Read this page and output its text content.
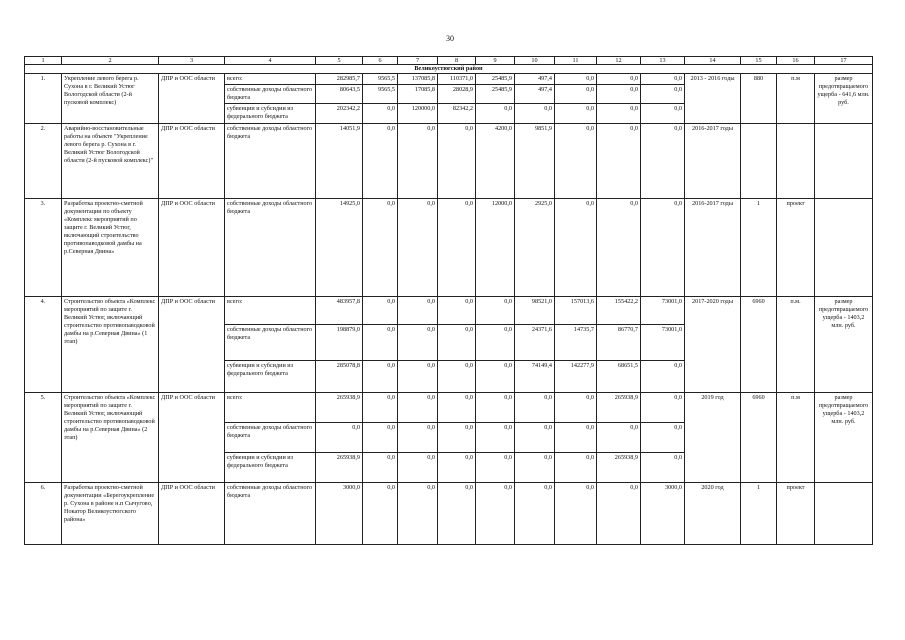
30
1	2	3	4	5	6	7	8	9	10	11	12	13	14	15	16	17
Великоустюгский район																
1.	Укрепление левого берега р. Сухона в г. Великий Устюг Вологодской области (2-й пусковой комплекс)	ДПР и ООС области	всего:	282985,7	9565,5	137085,8	110371,0	25485,9	497,4	0,0	0,0	0,0	2013 - 2016 годы	880	п.м	размер предотвращаемого ущерба - 641,6 млн. руб.
			собственные доходы областного бюджета	80643,5	9565,5	17085,8	28028,9	25485,9	497,4	0,0	0,0	0,0				
			субвенции и субсидии из федерального бюджета	202342,2	0,0	120000,0	82342,2	0,0	0,0	0,0	0,0	0,0				
2.	Аварийно-восстановительные работы на объекте "Укрепление левого берега р. Сухона в г. Великий Устюг Вологодской области (2-й пусковой комплекс)"	ДПР и ООС области	собственные доходы областного бюджета	14051,9	0,0	0,0	0,0	4200,0	9851,9	0,0	0,0	0,0	2016-2017 годы			
3.	Разработка проектно-сметной документации по объекту «Комплекс мероприятий по защите г. Великий Устюг, включающий строительство противопаводковой дамбы на р.Северная Двина»	ДПР и ООС области	собственные доходы областного бюджета	14925,0	0,0	0,0	0,0	12000,0	2925,0	0,0	0,0	0,0	2016-2017 годы	1	проект	
4.	Строительство объекта «Комплекс мероприятий по защите г. Великий Устюг, включающий строительство противопаводковой дамбы на р.Северная Двина» (1 этап)	ДПР и ООС области	всего:	483957,8	0,0	0,0	0,0	0,0	98521,0	157013,6	155422,2	73001,0	2017-2020 годы	6960	п.м.	размер предотвращаемого ущерба - 1403,2 млн. руб.
			собственные доходы областного бюджета	198879,0	0,0	0,0	0,0	0,0	24371,6	14735,7	86770,7	73001,0				
			субвенции и субсидии из федерального бюджета	285078,8	0,0	0,0	0,0	0,0	74149,4	142277,9	68651,5	0,0				
5.	Строительство объекта «Комплекс мероприятий по защите г. Великий Устюг, включающий строительство противопаводковой дамбы на р.Северная Двина» (2 этап)	ДПР и ООС области	всего:	265938,9	0,0	0,0	0,0	0,0	0,0	0,0	265938,9	0,0	2019 год	6960	п.м	размер предотвращаемого ущерба - 1403,2 млн. руб.
			собственные доходы областного бюджета	0,0	0,0	0,0	0,0	0,0	0,0	0,0	0,0	0,0				
			субвенции и субсидии из федерального бюджета	265938,9	0,0	0,0	0,0	0,0	0,0	0,0	265938,9	0,0				
6.	Разработка проектно-сметной документации «Берегоукрепление р. Сухона в районе н.п Сычугово, Нокатор Великоустюгского района»	ДПР и ООС области	собственные доходы областного бюджета	3000,0	0,0	0,0	0,0	0,0	0,0	0,0	0,0	3000,0	2020 год	1	проект	
